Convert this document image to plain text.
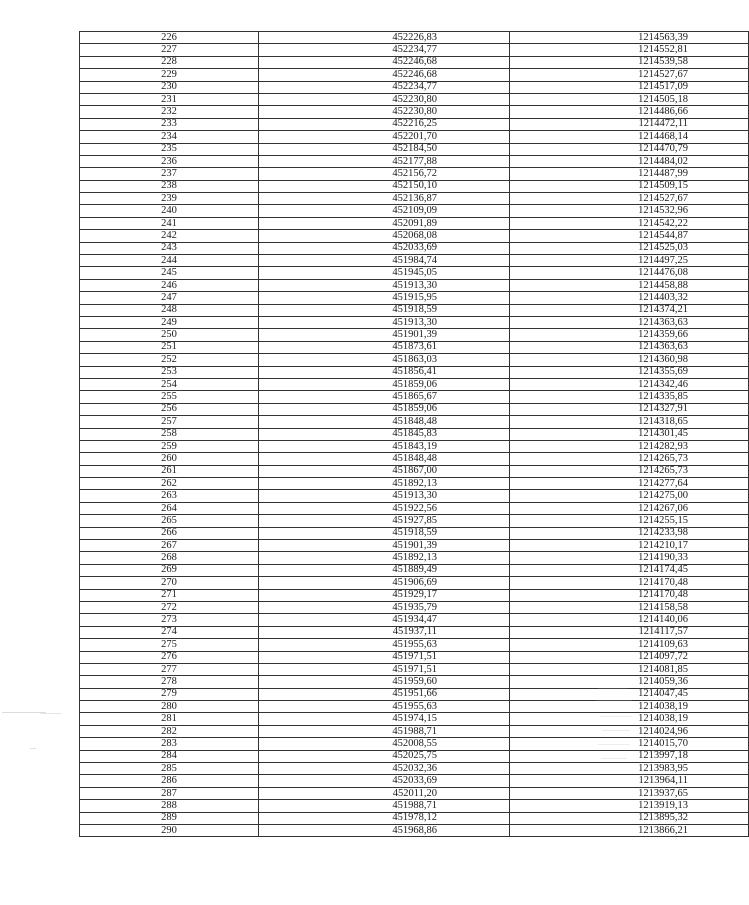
226	452226,83	1214563,39
227	452234,77	1214552,81
228	452246,68	1214539,58
229	452246,68	1214527,67
230	452234,77	1214517,09
231	452230,80	1214505,18
232	452230,80	1214486,66
233	452216,25	1214472,11
234	452201,70	1214468,14
235	452184,50	1214470,79
236	452177,88	1214484,02
237	452156,72	1214487,99
238	452150,10	1214509,15
239	452136,87	1214527,67
240	452109,09	1214532,96
241	452091,89	1214542,22
242	452068,08	1214544,87
243	452033,69	1214525,03
244	451984,74	1214497,25
245	451945,05	1214476,08
246	451913,30	1214458,88
247	451915,95	1214403,32
248	451918,59	1214374,21
249	451913,30	1214363,63
250	451901,39	1214359,66
251	451873,61	1214363,63
252	451863,03	1214360,98
253	451856,41	1214355,69
254	451859,06	1214342,46
255	451865,67	1214335,85
256	451859,06	1214327,91
257	451848,48	1214318,65
258	451845,83	1214301,45
259	451843,19	1214282,93
260	451848,48	1214265,73
261	451867,00	1214265,73
262	451892,13	1214277,64
263	451913,30	1214275,00
264	451922,56	1214267,06
265	451927,85	1214255,15
266	451918,59	1214233,98
267	451901,39	1214210,17
268	451892,13	1214190,33
269	451889,49	1214174,45
270	451906,69	1214170,48
271	451929,17	1214170,48
272	451935,79	1214158,58
273	451934,47	1214140,06
274	451937,11	1214117,57
275	451955,63	1214109,63
276	451971,51	1214097,72
277	451971,51	1214081,85
278	451959,60	1214059,36
279	451951,66	1214047,45
280	451955,63	1214038,19
281	451974,15	1214038,19
282	451988,71	1214024,96
283	452008,55	1214015,70
284	452025,75	1213997,18
285	452032,36	1213983,95
286	452033,69	1213964,11
287	452011,20	1213937,65
288	451988,71	1213919,13
289	451978,12	1213895,32
290	451968,86	1213866,21
